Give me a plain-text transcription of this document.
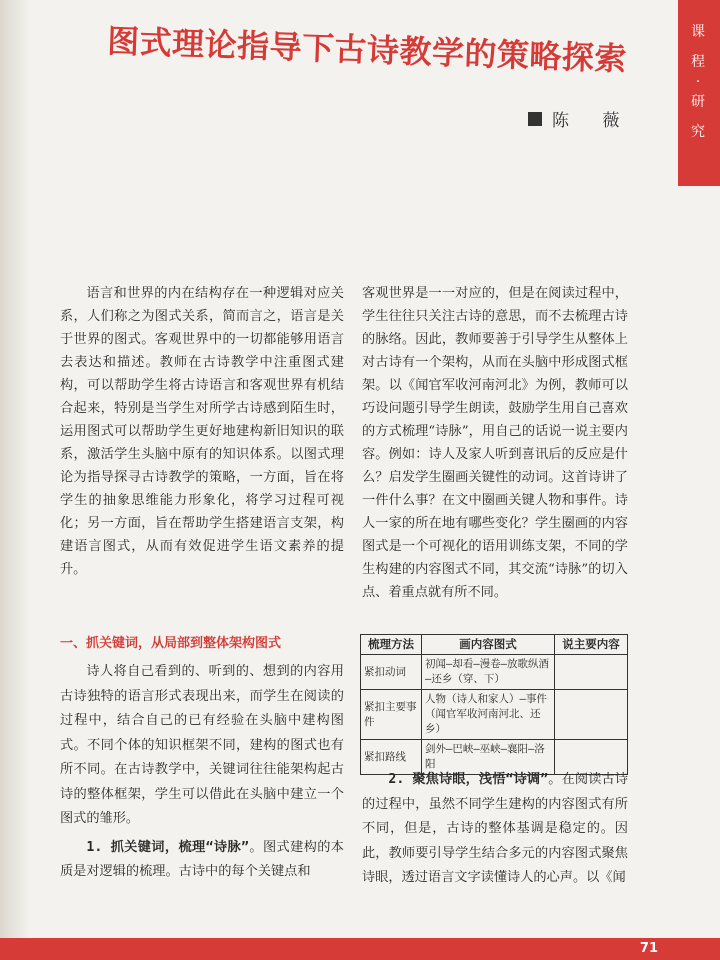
课
程
·
研
究
图式理论指导下古诗教学的策略探索
陈 薇

语言和世界的内在结构存在一种逻辑对应关系，人们称之为图式关系，简而言之，语言是关于世界的图式。客观世界中的一切都能够用语言去表达和描述。教师在古诗教学中注重图式建构，可以帮助学生将古诗语言和客观世界有机结合起来，特别是当学生对所学古诗感到陌生时，运用图式可以帮助学生更好地建构新旧知识的联系，激活学生头脑中原有的知识体系。以图式理论为指导探寻古诗教学的策略，一方面，旨在将学生的抽象思维能力形象化，将学习过程可视化；另一方面，旨在帮助学生搭建语言支架，构建语言图式，从而有效促进学生语文素养的提升。

客观世界是一一对应的，但是在阅读过程中，学生往往只关注古诗的意思，而不去梳理古诗的脉络。因此，教师要善于引导学生从整体上对古诗有一个架构，从而在头脑中形成图式框架。以《闻官军收河南河北》为例，教师可以巧设问题引导学生朗读，鼓励学生用自己喜欢的方式梳理“诗脉”，用自己的话说一说主要内容。例如：诗人及家人听到喜讯后的反应是什么？启发学生圈画关键性的动词。这首诗讲了一件什么事？在文中圈画关键人物和事件。诗人一家的所在地有哪些变化？学生圈画的内容图式是一个可视化的语用训练支架，不同的学生构建的内容图式不同，其交流“诗脉”的切入点、着重点就有所不同。

一、抓关键词，从局部到整体架构图式

诗人将自己看到的、听到的、想到的内容用古诗独特的语言形式表现出来，而学生在阅读的过程中，结合自己的已有经验在头脑中建构图式。不同个体的知识框架不同，建构的图式也有所不同。在古诗教学中，关键词往往能架构起古诗的整体框架，学生可以借此在头脑中建立一个图式的雏形。

1. 抓关键词，梳理“诗脉”。图式建构的本质是对逻辑的梳理。古诗中的每个关键点和

梳理方法	画内容图式	说主要内容
紧扣动词	初闻—却看—漫卷—放歌纵酒—还乡（穿、下）	
紧扣主要事件	人物（诗人和家人）—事件（闻官军收河南河北、还乡）	
紧扣路线	剑外—巴峡—巫峡—襄阳—洛阳	

2. 聚焦诗眼，浅悟“诗调”。在阅读古诗的过程中，虽然不同学生建构的内容图式有所不同，但是，古诗的整体基调是稳定的。因此，教师要引导学生结合多元的内容图式聚焦诗眼，透过语言文字读懂诗人的心声。以《闻

71
